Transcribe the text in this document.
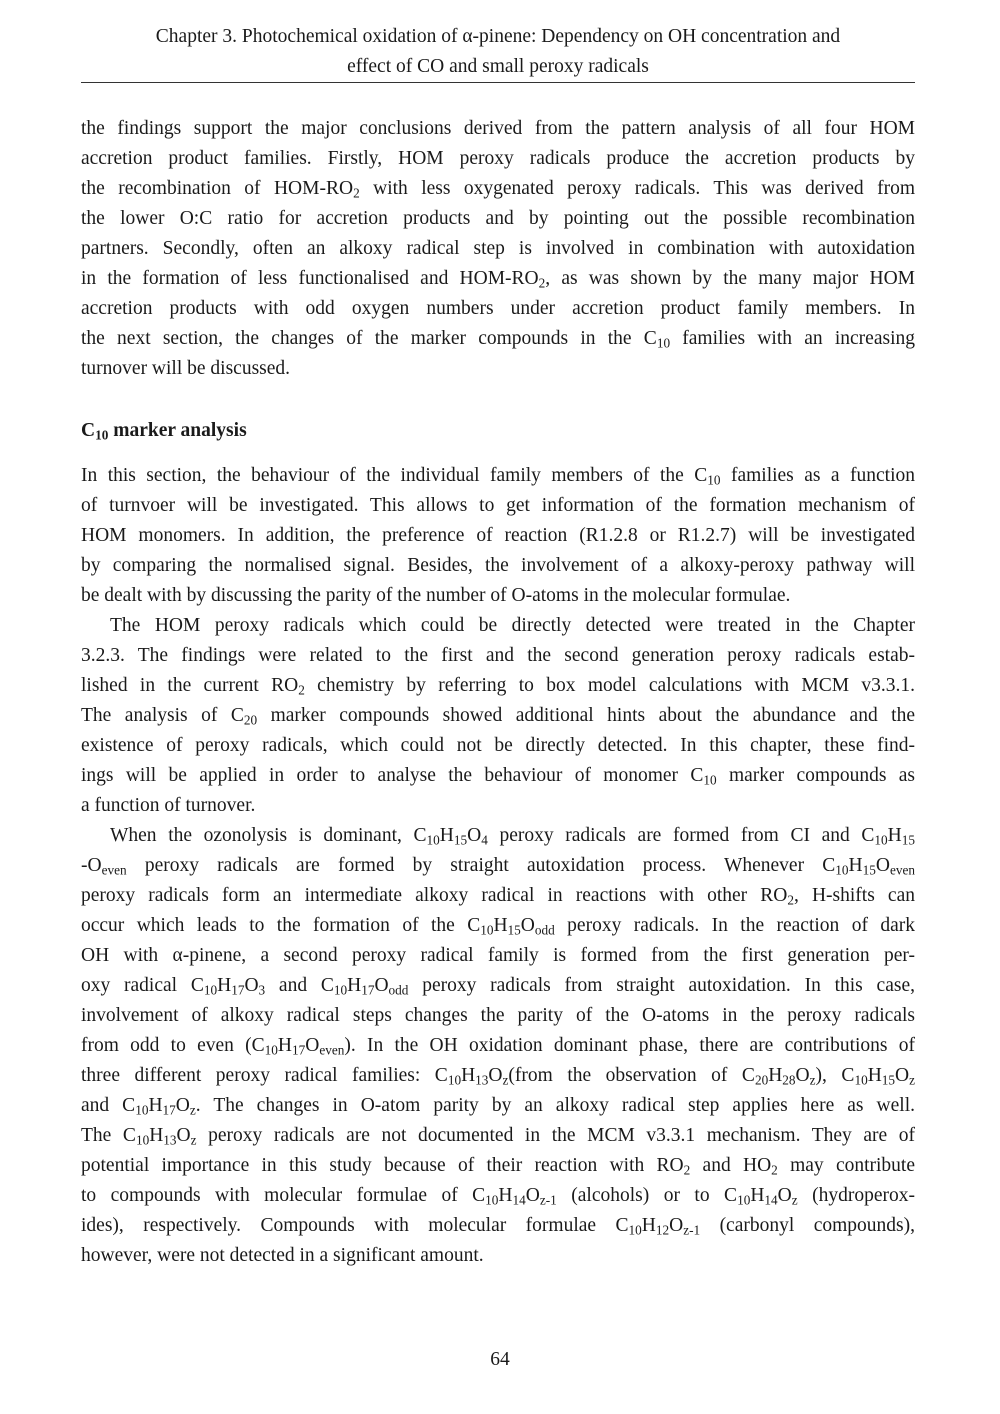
Chapter 3. Photochemical oxidation of α-pinene: Dependency on OH concentration and
effect of CO and small peroxy radicals
the findings support the major conclusions derived from the pattern analysis of all four HOM
accretion product families. Firstly, HOM peroxy radicals produce the accretion products by
the recombination of HOM-$RO_2$ with less oxygenated peroxy radicals. This was derived from
the lower O:C ratio for accretion products and by pointing out the possible recombination
partners. Secondly, often an alkoxy radical step is involved in combination with autoxidation
in the formation of less functionalised and HOM-$RO_2$, as was shown by the many major HOM
accretion products with odd oxygen numbers under accretion product family members. In
the next section, the changes of the marker compounds in the $C_{10}$ families with an increasing
turnover will be discussed.
$C_{10}$ marker analysis
In this section, the behaviour of the individual family members of the $C_{10}$ families as a function
of turnvoer will be investigated. This allows to get information of the formation mechanism of
HOM monomers. In addition, the preference of reaction (R1.2.8 or R1.2.7) will be investigated
by comparing the normalised signal. Besides, the involvement of a alkoxy-peroxy pathway will
be dealt with by discussing the parity of the number of O-atoms in the molecular formulae.
The HOM peroxy radicals which could be directly detected were treated in the Chapter
3.2.3. The findings were related to the first and the second generation peroxy radicals estab-
lished in the current $RO_2$ chemistry by referring to box model calculations with MCM v3.3.1.
The analysis of $C_{20}$ marker compounds showed additional hints about the abundance and the
existence of peroxy radicals, which could not be directly detected. In this chapter, these find-
ings will be applied in order to analyse the behaviour of monomer $C_{10}$ marker compounds as
a function of turnover.
When the ozonolysis is dominant, $C_{10}H_{15}O_4$ peroxy radicals are formed from CI and $C_{10}H_{15}$
$-O_{even}$ peroxy radicals are formed by straight autoxidation process. Whenever $C_{10}H_{15}O_{even}$
peroxy radicals form an intermediate alkoxy radical in reactions with other $RO_2$, H-shifts can
occur which leads to the formation of the $C_{10}H_{15}O_{odd}$ peroxy radicals. In the reaction of dark
OH with α-pinene, a second peroxy radical family is formed from the first generation per-
oxy radical $C_{10}H_{17}O_3$ and $C_{10}H_{17}O_{odd}$ peroxy radicals from straight autoxidation. In this case,
involvement of alkoxy radical steps changes the parity of the O-atoms in the peroxy radicals
from odd to even $(C_{10}H_{17}O_{even})$. In the OH oxidation dominant phase, there are contributions of
three different peroxy radical families: $C_{10}H_{13}O_z(from$ the observation of $C_{20}H_{28}O_z$), $C_{10}H_{15}O_z$
and $C_{10}H_{17}O_z$. The changes in O-atom parity by an alkoxy radical step applies here as well.
The $C_{10}H_{13}O_z$ peroxy radicals are not documented in the MCM v3.3.1 mechanism. They are of
potential importance in this study because of their reaction with $RO_2$ and $HO_2$ may contribute
to compounds with molecular formulae of $C_{10}H_{14}O_{z-1}$ (alcohols) or to $C_{10}H_{14}O_z$ (hydroperox-
ides), respectively. Compounds with molecular formulae $C_{10}H_{12}O_{z-1}$ (carbonyl compounds),
however, were not detected in a significant amount.
64
